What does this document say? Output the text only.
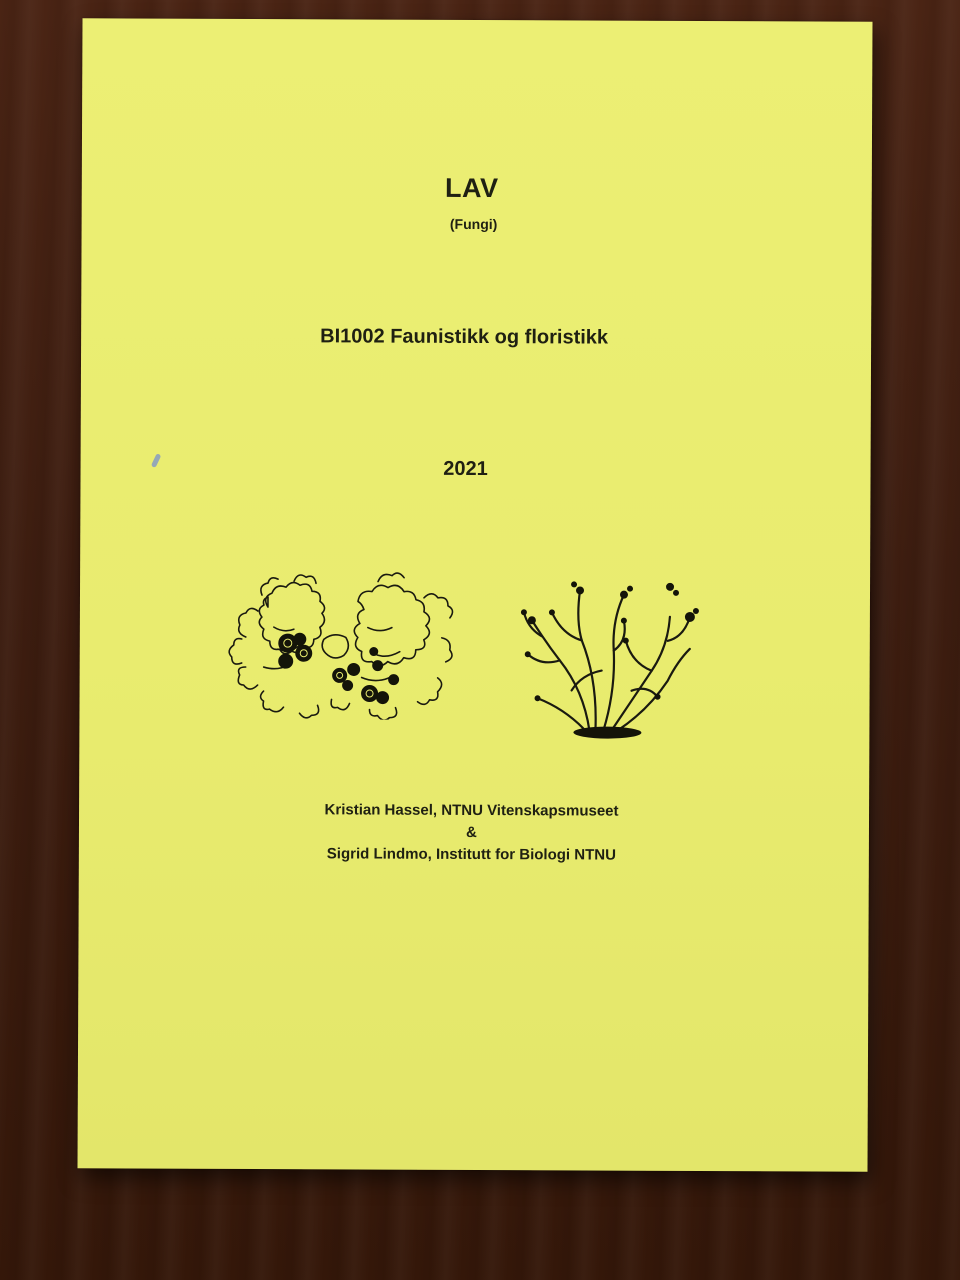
LAV
(Fungi)
BI1002 Faunistikk og floristikk
2021
Kristian Hassel, NTNU Vitenskapsmuseet
&
Sigrid Lindmo, Institutt for Biologi NTNU
